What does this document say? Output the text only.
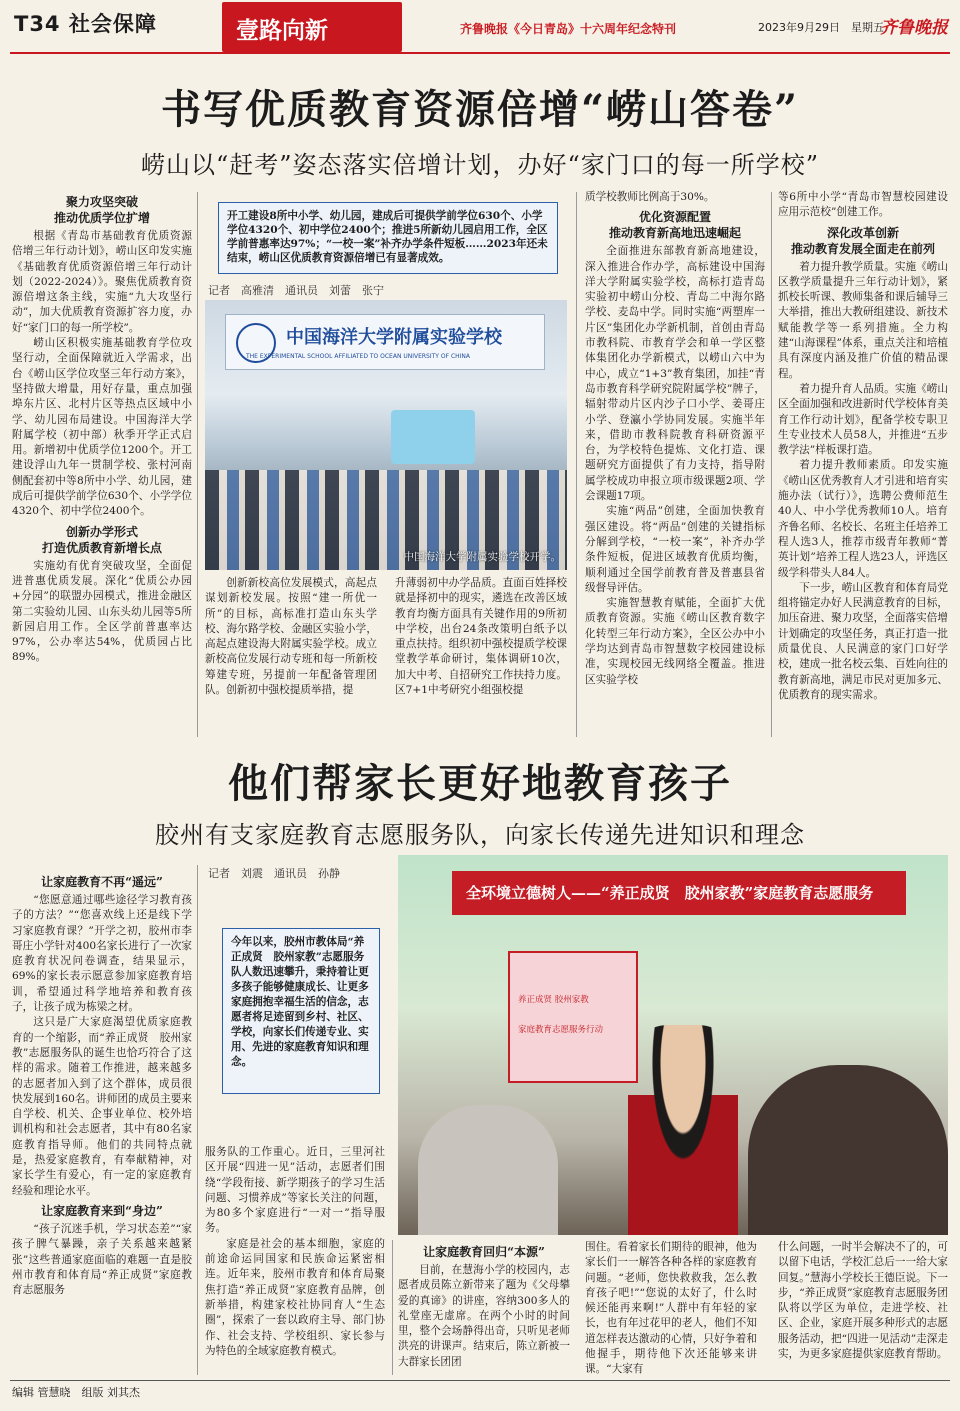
T34 社会保障	壹路向新	齐鲁晚报《今日青岛》十六周年纪念特刊	2023年9月29日　星期五
齐鲁晚报
书写优质教育资源倍增“崂山答卷”
崂山以“赶考”姿态落实倍增计划，办好“家门口的每一所学校”
聚力攻坚突破
推动优质学位扩增

根据《青岛市基础教育优质资源倍增三年行动计划》，崂山区印发实施《基础教育优质资源倍增三年行动计划（2022-2024）》。聚焦优质教育资源倍增这条主线，实施“九大攻坚行动”，加大优质教育资源扩容力度，办好“家门口的每一所学校”。

崂山区积极实施基础教育学位攻坚行动，全面保障就近入学需求，出台《崂山区学位攻坚三年行动方案》，坚持做大增量，用好存量，重点加强埠东片区、北村片区等热点区域中小学、幼儿园布局建设。中国海洋大学附属学校（初中部）秋季开学正式启用。新增初中优质学位1200个。开工建设浮山九年一贯制学校、张村河南侧配套初中等8所中小学、幼儿园，建成后可提供学前学位630个、小学学位4320个、初中学位2400个。

创新办学形式
打造优质教育新增长点

实施幼有优育突破攻坚，全面促进普惠优质发展。深化“优质公办园+分园”的联盟办园模式，推进金融区第二实验幼儿园、山东头幼儿园等5所新园启用工作。全区学前普惠率达97%，公办率达54%，优质园占比89%。

开工建设8所中小学、幼儿园，建成后可提供学前学位630个、小学学位4320个、初中学位2400个；推进5所新幼儿园启用工作，全区学前普惠率达97%；“一校一案”补齐办学条件短板……2023年还未结束，崂山区优质教育资源倍增已有显著成效。
记者　高雅清　通讯员　刘蕾　张宁
中国海洋大学附属实验学校
THE EXPERIMENTAL SCHOOL AFFILIATED TO OCEAN UNIVERSITY OF CHINA
中国海洋大学附属实验学校开学。

创新新校高位发展模式，高起点谋划新校发展。按照“建一所优一所”的目标，高标准打造山东头学校、海尔路学校、金融区实验小学，高起点建设海大附属实验学校。成立新校高位发展行动专班和每一所新校筹建专班，另提前一年配备管理团队。创新初中强校提质举措，提

升薄弱初中办学品质。直面百姓择校就是择初中的现实，遴选在改善区域教育均衡方面具有关键作用的9所初中学校，出台24条改策明白纸予以重点扶持。组织初中强校提质学校课堂教学革命研讨，集体调研10次，加大中考、自招研究工作扶持力度。区7+1中考研究小组强校提

质学校教师比例高于30%。

优化资源配置
推动教育新高地迅速崛起

全面推进东部教育新高地建设，深入推进合作办学，高标建设中国海洋大学附属实验学校，高标打造青岛实验初中崂山分校、青岛二中海尔路学校、麦岛中学。同时实施“两塑库一片区”集团化办学新机制，首创由青岛市教科院、市教育学会和单一学区整体集团化办学新模式，以崂山六中为中心，成立“1+3”教育集团，加挂“青岛市教育科学研究院附属学校”牌子，辐射带动片区内沙子口小学、姜哥庄小学、登瀛小学协同发展。实施半年来，借助市教科院教育科研资源平台，为学校特色提炼、文化打造、课题研究方面提供了有力支持，指导附属学校成功申报立项市级课题2项、学会课题17项。

实施“两品”创建，全面加快教育强区建设。将“两品”创建的关键指标分解到学校，“一校一案”，补齐办学条件短板，促进区域教育优质均衡，顺利通过全国学前教育普及普惠县省级督导评估。

实施智慧教育赋能，全面扩大优质教育资源。实施《崂山区教育数字化转型三年行动方案》，全区公办中小学均达到青岛市智慧数字校园建设标准，实现校园无线网络全覆盖。推进区实验学校

等6所中小学“青岛市智慧校园建设应用示范校”创建工作。

深化改革创新
推动教育发展全面走在前列

着力提升教学质量。实施《崂山区教学质量提升三年行动计划》，紧抓校长听课、教师集备和课后辅导三大举措，推出大教研组建设、新技术赋能教学等一系列措施。全力构建“山海课程”体系，重点关注和培植具有深度内涵及推广价值的精品课程。

着力提升育人品质。实施《崂山区全面加强和改进新时代学校体育美育工作行动计划》，配备学校专职卫生专业技术人员58人，并推进“五步教学法”样板课打造。

着力提升教师素质。印发实施《崂山区优秀教育人才引进和培育实施办法（试行）》，选聘公费师范生40人、中小学优秀教师10人。培育齐鲁名师、名校长、名班主任培养工程人选3人，推荐市级青年教师“菁英计划”培养工程人选23人，评选区级学科带头人84人。

下一步，崂山区教育和体育局党组将锚定办好人民满意教育的目标，加压奋进、聚力攻坚，全面落实倍增计划确定的攻坚任务，真正打造一批质量优良、人民满意的家门口好学校，建成一批名校云集、百姓向往的教育新高地，满足市民对更加多元、优质教育的现实需求。

他们帮家长更好地教育孩子
胶州有支家庭教育志愿服务队，向家长传递先进知识和理念
让家庭教育不再“遥远”

“您愿意通过哪些途径学习教育孩子的方法？”“您喜欢线上还是线下学习家庭教育课？”开学之初，胶州市李哥庄小学针对400名家长进行了一次家庭教育状况问卷调查，结果显示，69%的家长表示愿意参加家庭教育培训，希望通过科学地培养和教育孩子，让孩子成为栋梁之材。

这只是广大家庭渴望优质家庭教育的一个缩影，而“养正成贤　胶州家教”志愿服务队的诞生也恰巧符合了这样的需求。随着工作推进，越来越多的志愿者加入到了这个群体，成员很快发展到160名。讲师团的成员主要来自学校、机关、企事业单位、校外培训机构和社会志愿者，其中有80名家庭教育指导师。他们的共同特点就是，热爱家庭教育，有奉献精神，对家长学生有爱心，有一定的家庭教育经验和理论水平。

让家庭教育来到“身边”

“孩子沉迷手机，学习状态差”“家孩子脾气暴躁，亲子关系越来越紧张”这些普通家庭面临的难题一直是胶州市教育和体育局“养正成贤”家庭教育志愿服务

记者　刘震　通讯员　孙静
今年以来，胶州市教体局“养正成贤　胶州家教”志愿服务队人数迅速攀升，秉持着让更多孩子能够健康成长、让更多家庭拥抱幸福生活的信念，志愿者将足迹留到乡村、社区、学校，向家长们传递专业、实用、先进的家庭教育知识和理念。

服务队的工作重心。近日，三里河社区开展“四进一见”活动，志愿者们围绕“学段衔接、新学期孩子的学习生活问题、习惯养成”等家长关注的问题，为80多个家庭进行“一对一”指导服务。

家庭是社会的基本细胞，家庭的前途命运同国家和民族命运紧密相连。近年来，胶州市教育和体育局聚焦打造“养正成贤”家庭教育品牌，创新举措，构建家校社协同育人“生态圈”，探索了一套以政府主导、部门协作、社会支持、学校组织、家长参与为特色的全域家庭教育模式。

全环境立德树人——“养正成贤　胶州家教”家庭教育志愿服务
养正成贤 胶州家教
家庭教育志愿服务行动
让家庭教育回归“本源”

目前，在慧海小学的校园内，志愿者成员陈立新带来了题为《父母攀爱的真谛》的讲座，容纳300多人的礼堂座无虚席。在两个小时的时间里，整个会场静得出奇，只听见老师洪亮的讲课声。结束后，陈立新被一大群家长团团

围住。看着家长们期待的眼神，他为家长们一一解答各种各样的家庭教育问题。“老师，您快救救我，怎么教育孩子吧!”“您说的太好了，什么时候还能再来啊!”人群中有年轻的家长，也有年过花甲的老人，他们不知道怎样表达激动的心情，只好争着和他握手，期待他下次还能够来讲课。“大家有

什么问题，一时半会解决不了的，可以留下电话，学校汇总后一一给大家回复。”慧海小学校长王德臣说。下一步，“养正成贤”家庭教育志愿服务团队将以学区为单位，走进学校、社区、企业，家庭开展多种形式的志愿服务活动，把“四进一见活动”走深走实，为更多家庭提供家庭教育帮助。

编辑 管慧晓　组版 刘其杰
